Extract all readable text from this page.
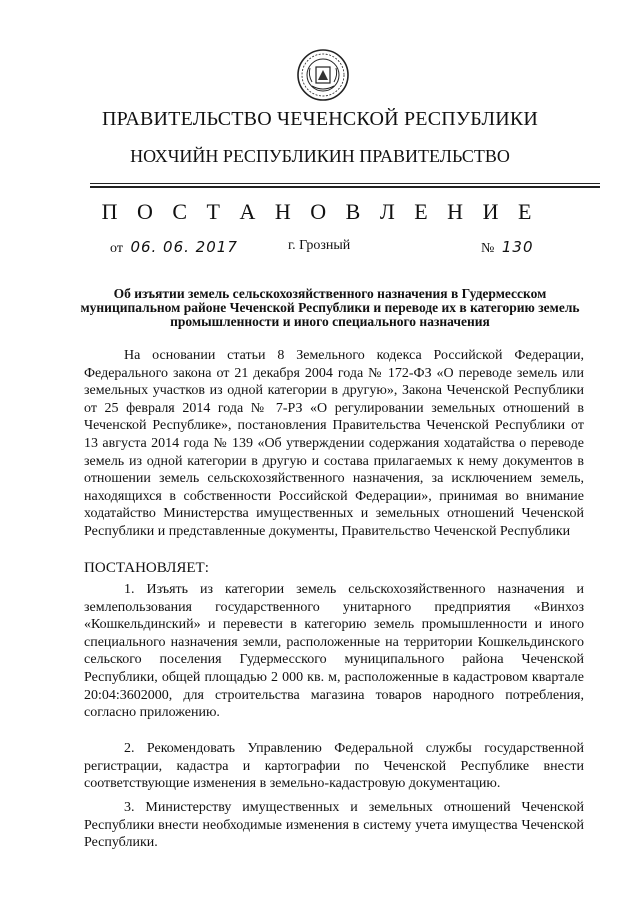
ПРАВИТЕЛЬСТВО ЧЕЧЕНСКОЙ РЕСПУБЛИКИ
НОХЧИЙН РЕСПУБЛИКИН ПРАВИТЕЛЬСТВО
П О С Т А Н О В Л Е Н И Е
от 06. 06. 2017	г. Грозный	№ 130
Об изъятии земель сельскохозяйственного назначения в Гудермесском муниципальном районе Чеченской Республики и переводе их в категорию земель промышленности и иного специального назначения

На основании статьи 8 Земельного кодекса Российской Федерации, Федерального закона от 21 декабря 2004 года № 172-ФЗ «О переводе земель или земельных участков из одной категории в другую», Закона Чеченской Республики от 25 февраля 2014 года № 7-РЗ «О регулировании земельных отношений в Чеченской Республике», постановления Правительства Чеченской Республики от 13 августа 2014 года № 139 «Об утверждении содержания ходатайства о переводе земель из одной категории в другую и состава прилагаемых к нему документов в отношении земель сельскохозяйственного назначения, за исключением земель, находящихся в собственности Российской Федерации», принимая во внимание ходатайство Министерства имущественных и земельных отношений Чеченской Республики и представленные документы, Правительство Чеченской Республики

ПОСТАНОВЛЯЕТ:

1. Изъять из категории земель сельскохозяйственного назначения и землепользования государственного унитарного предприятия «Винхоз «Кошкельдинский» и перевести в категорию земель промышленности и иного специального назначения земли, расположенные на территории Кошкельдинского сельского поселения Гудермесского муниципального района Чеченской Республики, общей площадью 2 000 кв. м, расположенные в кадастровом квартале 20:04:3602000, для строительства магазина товаров народного потребления, согласно приложению.

2. Рекомендовать Управлению Федеральной службы государственной регистрации, кадастра и картографии по Чеченской Республике внести соответствующие изменения в земельно-кадастровую документацию.

3. Министерству имущественных и земельных отношений Чеченской Республики внести необходимые изменения в систему учета имущества Чеченской Республики.
